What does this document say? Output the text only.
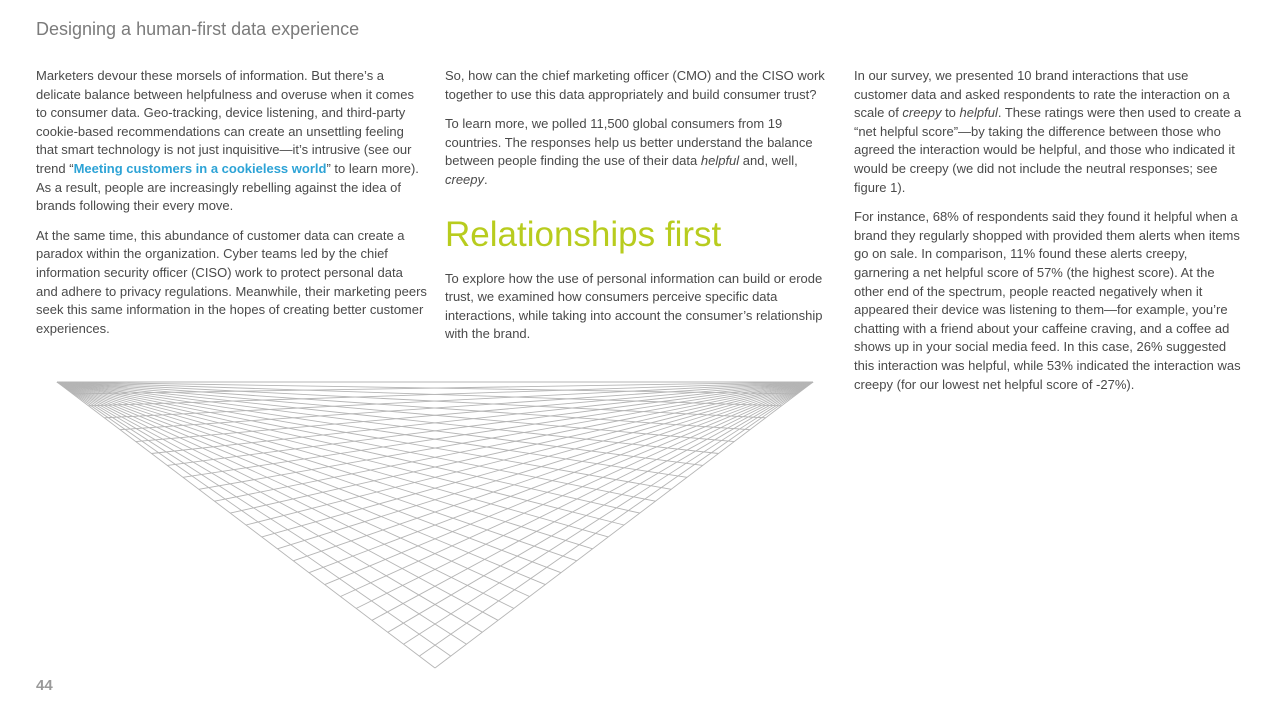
Designing a human-first data experience

Marketers devour these morsels of information. But there’s a delicate balance between helpfulness and overuse when it comes to consumer data. Geo-tracking, device listening, and third-party cookie-based recommendations can create an unsettling feeling that smart technology is not just inquisitive—it’s intrusive (see our trend “Meeting customers in a cookieless world” to learn more). As a result, people are increasingly rebelling against the idea of brands following their every move.

At the same time, this abundance of customer data can create a paradox within the organization. Cyber teams led by the chief information security officer (CISO) work to protect personal data and adhere to privacy regulations. Meanwhile, their marketing peers seek this same information in the hopes of creating better customer experiences.

So, how can the chief marketing officer (CMO) and the CISO work together to use this data appropriately and build consumer trust?

To learn more, we polled 11,500 global consumers from 19 countries. The responses help us better understand the balance between people finding the use of their data helpful and, well, creepy.

Relationships first

To explore how the use of personal information can build or erode trust, we examined how consumers perceive specific data interactions, while taking into account the consumer’s relationship with the brand.

In our survey, we presented 10 brand interactions that use customer data and asked respondents to rate the interaction on a scale of creepy to helpful. These ratings were then used to create a “net helpful score”—by taking the difference between those who agreed the interaction would be helpful, and those who indicated it would be creepy (we did not include the neutral responses; see figure 1).

For instance, 68% of respondents said they found it helpful when a brand they regularly shopped with provided them alerts when items go on sale. In comparison, 11% found these alerts creepy, garnering a net helpful score of 57% (the highest score). At the other end of the spectrum, people reacted negatively when it appeared their device was listening to them—for example, you’re chatting with a friend about your caffeine craving, and a coffee ad shows up in your social media feed. In this case, 26% suggested this interaction was helpful, while 53% indicated the interaction was creepy (for our lowest net helpful score of -27%).

44
